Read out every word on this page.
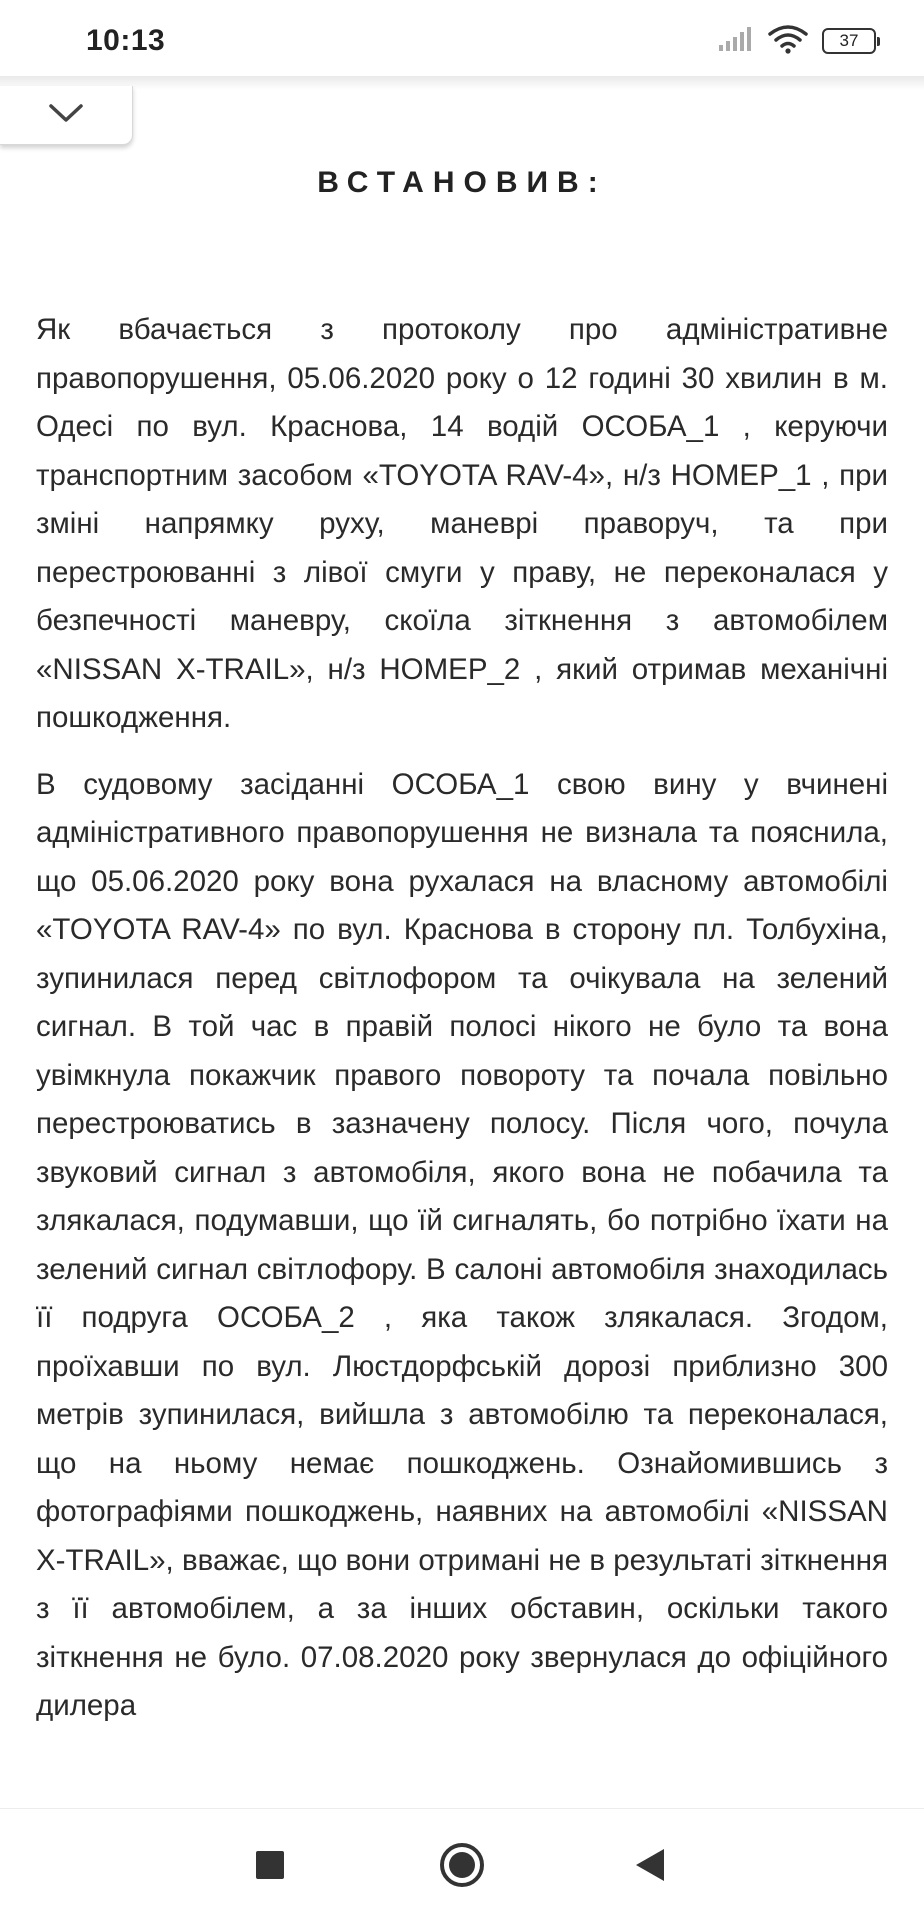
10:13	37
ВСТАНОВИВ:

Як вбачається з протоколу про адміністративне правопорушення, 05.06.2020 року о 12 годині 30 хвилин в м. Одесі по вул. Краснова, 14 водій ОСОБА_1 , керуючи транспортним засобом «TOYOTA RAV-4», н/з НОМЕР_1 , при зміні напрямку руху, маневрі праворуч, та при перестроюванні з лівої смуги у праву, не переконалася у безпечності маневру, скоїла зіткнення з автомобілем «NISSAN X-TRAIL», н/з НОМЕР_2 , який отримав механічні пошкодження.

В судовому засіданні ОСОБА_1 свою вину у вчинені адміністративного правопорушення не визнала та пояснила, що 05.06.2020 року вона рухалася на власному автомобілі «TOYOTA RAV-4» по вул. Краснова в сторону пл. Толбухіна, зупинилася перед світлофором та очікувала на зелений сигнал. В той час в правій полосі нікого не було та вона увімкнула покажчик правого повороту та почала повільно перестроюватись в зазначену полосу. Після чого, почула звуковий сигнал з автомобіля, якого вона не побачила та злякалася, подумавши, що їй сигналять, бо потрібно їхати на зелений сигнал світлофору. В салоні автомобіля знаходилась її подруга ОСОБА_2 , яка також злякалася. Згодом, проїхавши по вул. Люстдорфській дорозі приблизно 300 метрів зупинилася, вийшла з автомобілю та переконалася, що на ньому немає пошкоджень. Ознайомившись з фотографіями пошкоджень, наявних на автомобілі «NISSAN X-TRAIL», вважає, що вони отримані не в результаті зіткнення з її автомобілем, а за інших обставин, оскільки такого зіткнення не було. 07.08.2020 року звернулася до офіційного дилера
